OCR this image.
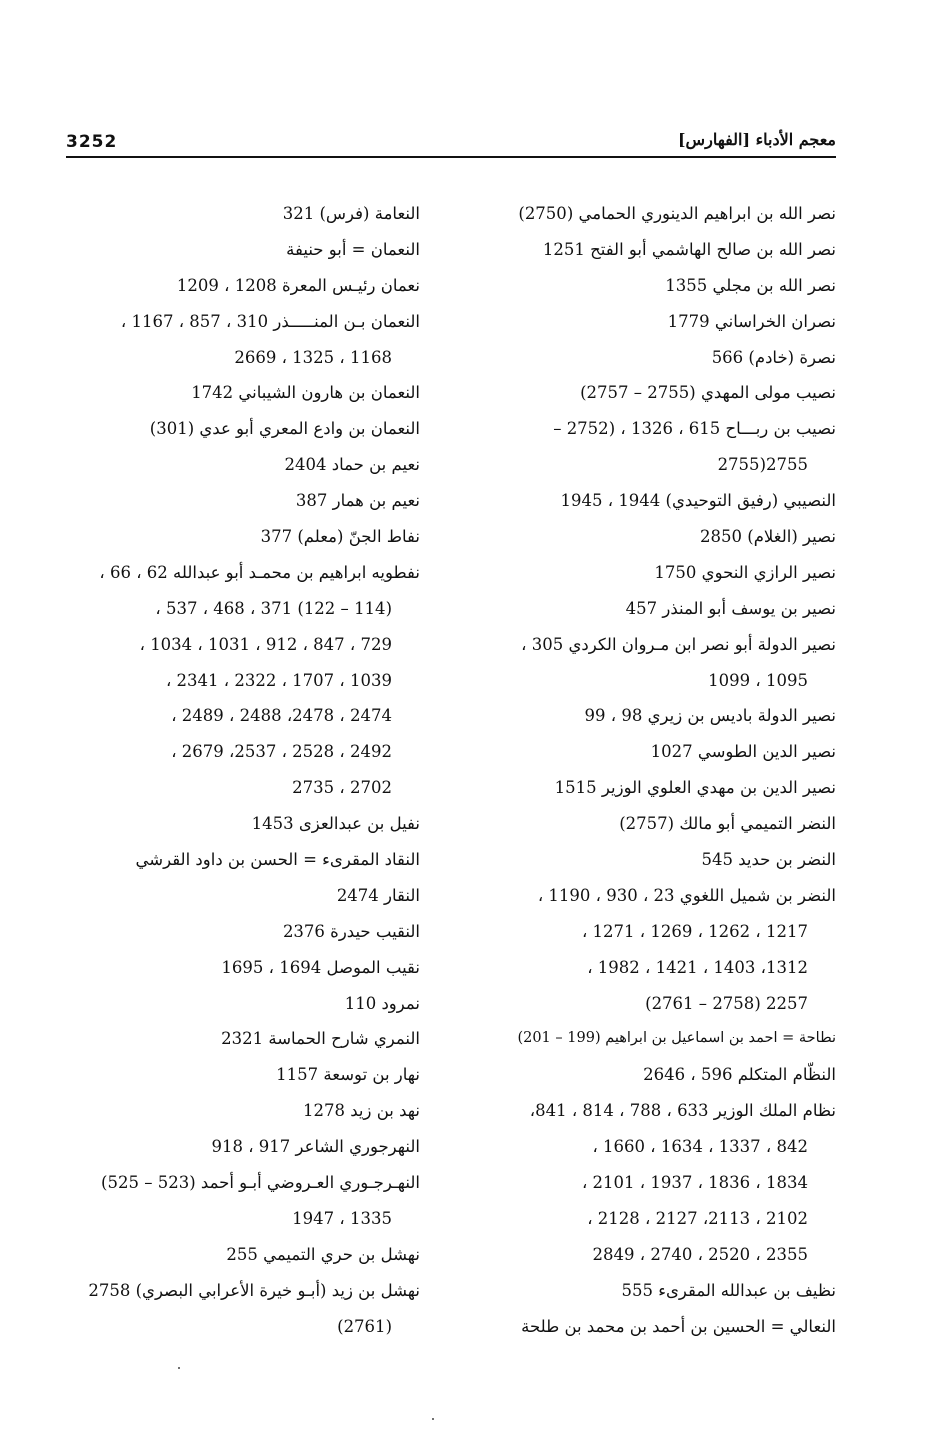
3252	معجم الأدباء [الفهارس]
نصر الله بن ابراهيم الدينوري الحمامي (2750)
نصر الله بن صالح الهاشمي أبو الفتح 1251
نصر الله بن مجلي 1355
نصران الخراساني 1779
نصرة (خادم) 566
نصيب مولى المهدي (2755 – 2757)
نصيب بن ربـــاح 615 ، 1326 ، (2752 –
2755(2755
النصيبي (رفيق التوحيدي) 1944 ، 1945
نصير (الغلام) 2850
نصير الرازي النحوي 1750
نصير بن يوسف أبو المنذر 457
نصير الدولة أبو نصر ابن مـروان الكردي 305 ،
1095 ، 1099
نصير الدولة باديس بن زيري 98 ، 99
نصير الدين الطوسي 1027
نصير الدين بن مهدي العلوي الوزير 1515
النضر التميمي أبو مالك (2757)
النضر بن حديد 545
النضر بن شميل اللغوي 23 ، 930 ، 1190 ،
1217 ، 1262 ، 1269 ، 1271 ،
1312، 1403 ، 1421 ، 1982 ،
2257 (2758 – 2761)
نطاحة = احمد بن اسماعيل بن ابراهيم (199 – 201)
النظّام المتكلم 596 ، 2646
نظام الملك الوزير 633 ، 788 ، 814 ، 841،
842 ، 1337 ، 1634 ، 1660 ،
1834 ، 1836 ، 1937 ، 2101 ،
2102 ، 2113، 2127 ، 2128 ،
2355 ، 2520 ، 2740 ، 2849
نظيف بن عبدالله المقرىء 555
النعالي = الحسين بن أحمد بن محمد بن طلحة
النعامة (فرس) 321
النعمان = أبو حنيفة
نعمان رئيـس المعرة 1208 ، 1209
النعمان بـن المنـــــذر 310 ، 857 ، 1167 ،
1168 ، 1325 ، 2669
النعمان بن هارون الشيباني 1742
النعمان بن وادع المعري أبو عدي (301)
نعيم بن حماد 2404
نعيم بن همار 387
نفاط الجنّ (معلم) 377
نفطويه ابراهيم بن محمـد أبو عبدالله 62 ، 66 ،
(114 – 122) 371 ، 468 ، 537 ،
729 ، 847 ، 912 ، 1031 ، 1034 ،
1039 ، 1707 ، 2322 ، 2341 ،
2474 ، 2478، 2488 ، 2489 ،
2492 ، 2528 ، 2537، 2679 ،
2702 ، 2735
نفيل بن عبدالعزى 1453
النقاد المقرىء = الحسن بن داود القرشي
النقار 2474
النقيب حيدرة 2376
نقيب الموصل 1694 ، 1695
نمرود 110
النمري شارح الحماسة 2321
نهار بن توسعة 1157
نهد بن زيد 1278
النهرجوري الشاعر 917 ، 918
النهـرجـوري العـروضي أبـو أحمد (523 – 525)
1335 ، 1947
نهشل بن حري التميمي 255
نهشل بن زيد (أبـو خيرة الأعرابي البصري) 2758
(2761)
